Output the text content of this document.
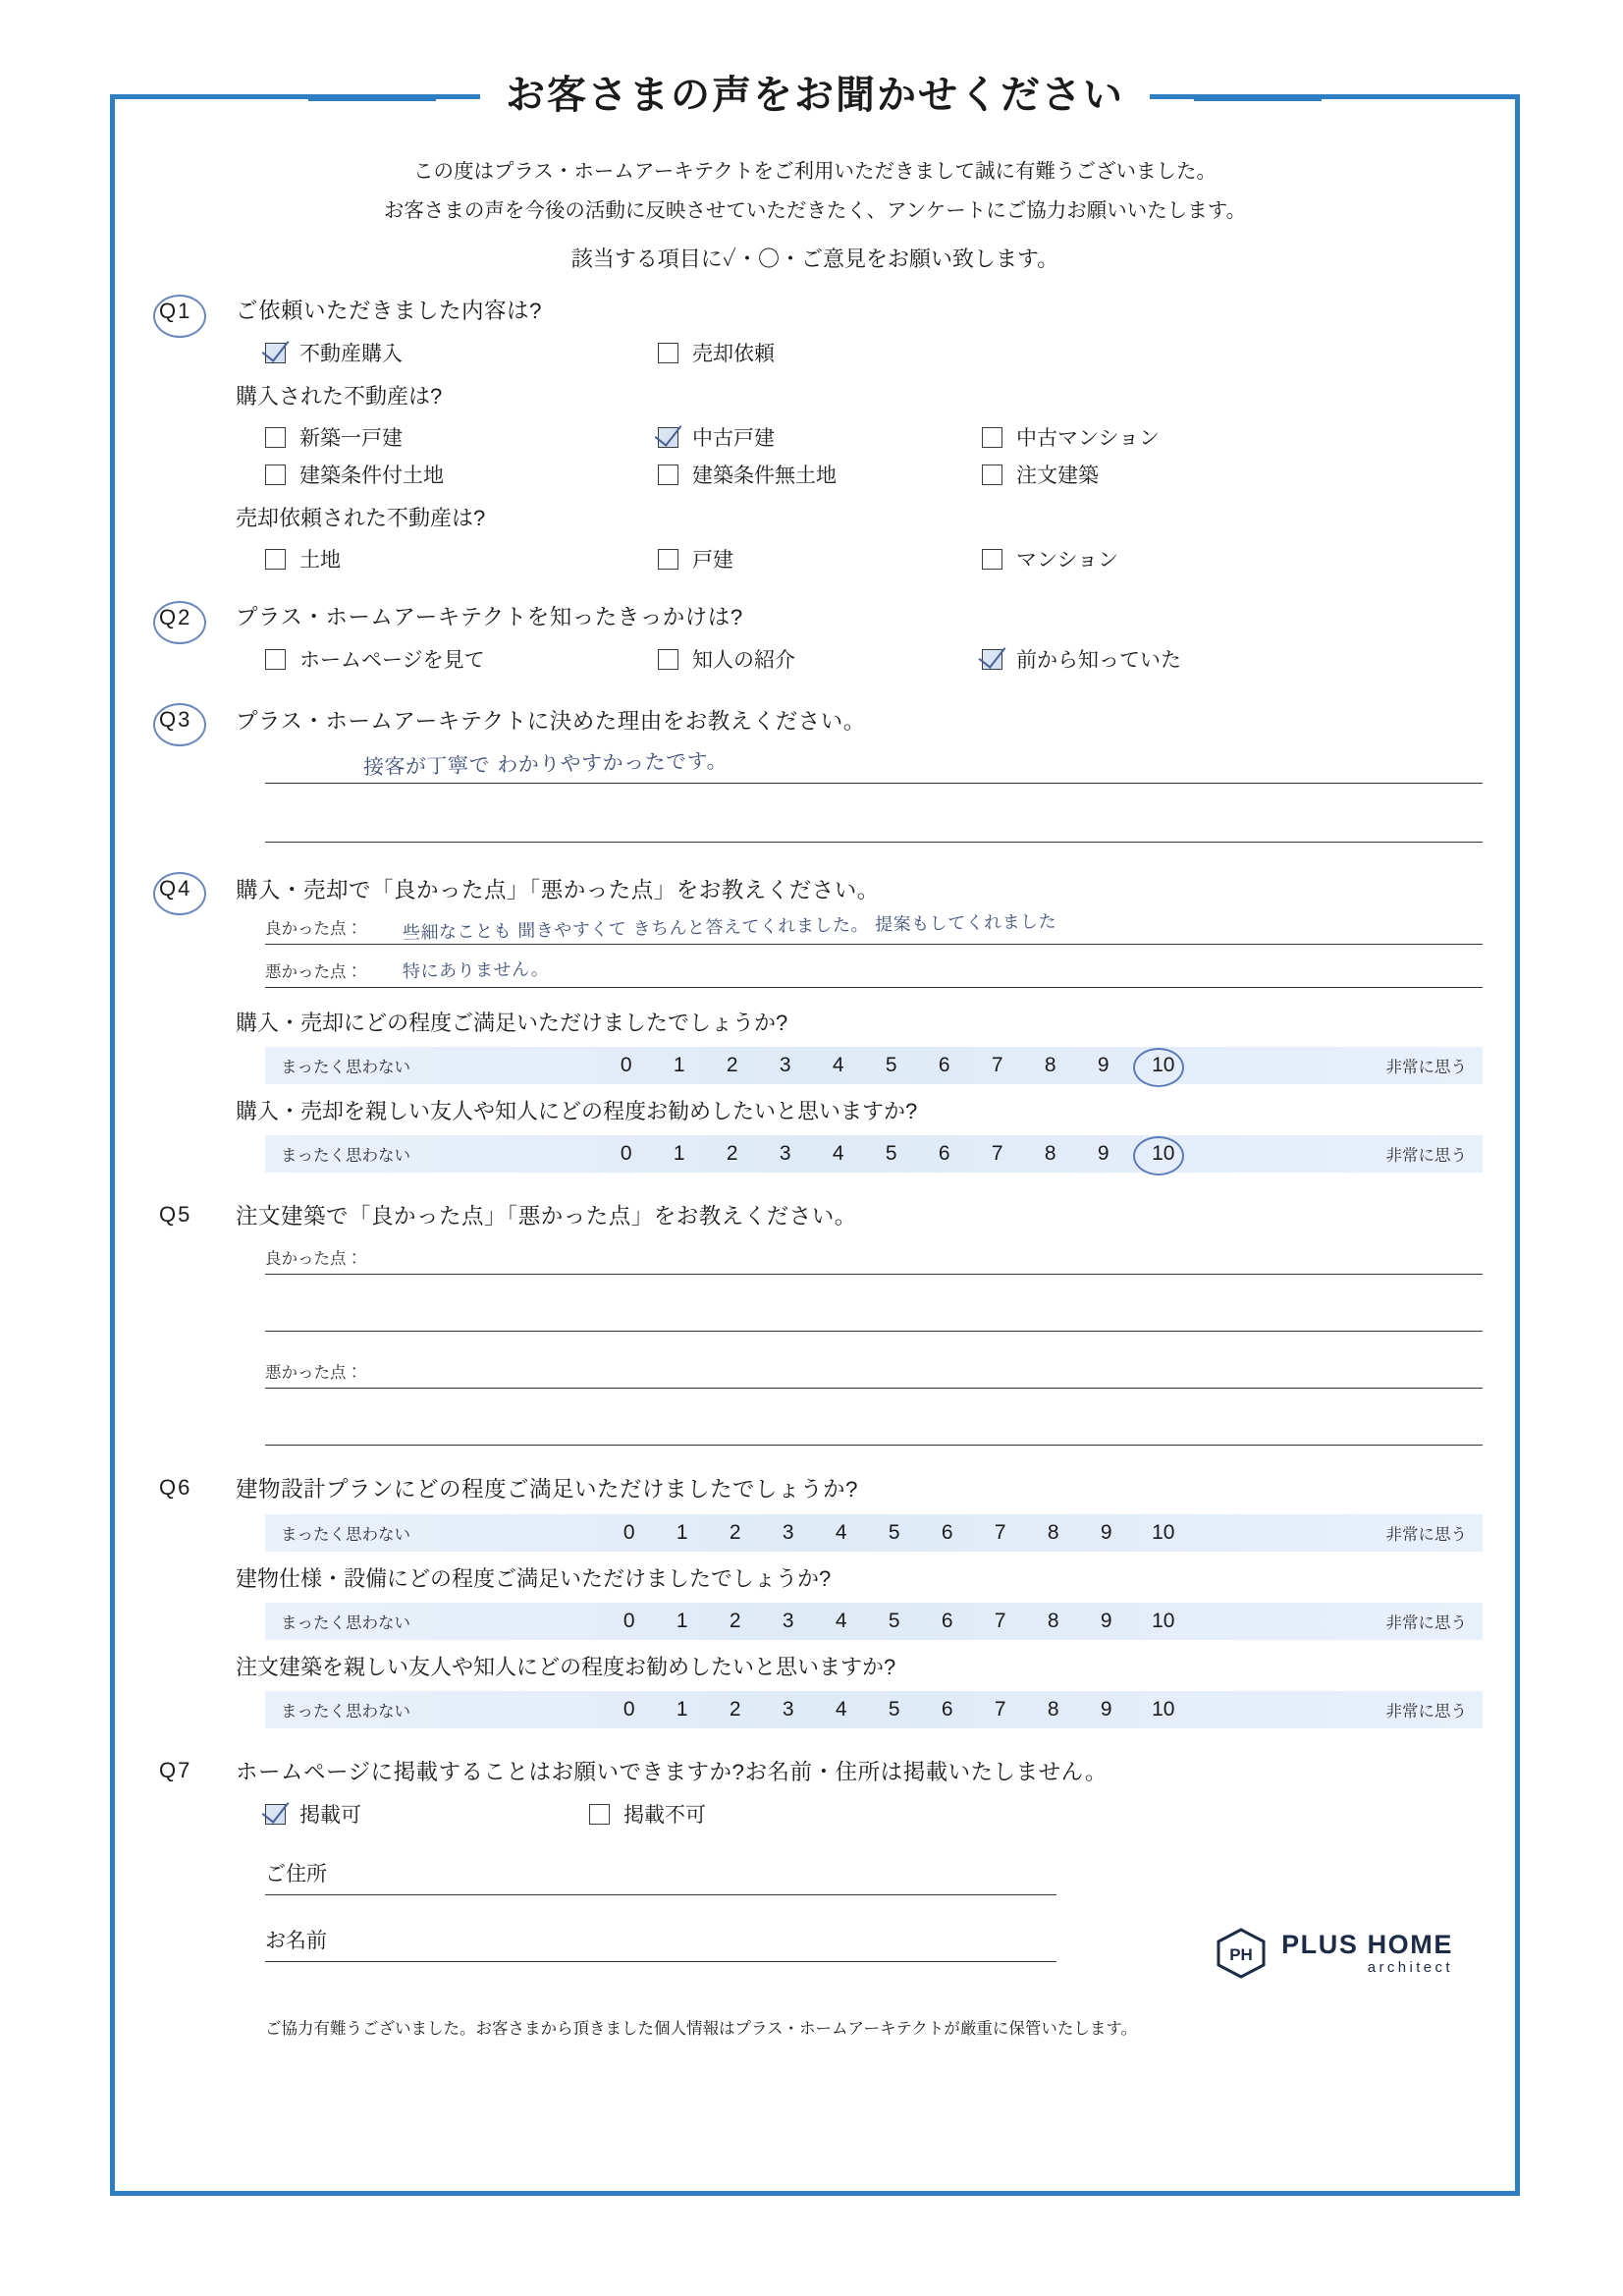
お客さまの声をお聞かせください
この度はプラス・ホームアーキテクトをご利用いただきまして誠に有難うございました。
お客さまの声を今後の活動に反映させていただきたく、アンケートにご協力お願いいたします。
該当する項目に✓・〇・ご意見をお願い致します。
Q1	ご依頼いただきました内容は?
不動産購入	売却依頼
購入された不動産は?
新築一戸建	中古戸建	中古マンション
建築条件付土地	建築条件無土地	注文建築
売却依頼された不動産は?
土地	戸建	マンション
Q2	プラス・ホームアーキテクトを知ったきっかけは?
ホームページを見て	知人の紹介	前から知っていた
Q3	プラス・ホームアーキテクトに決めた理由をお教えください。
接客が丁寧で わかりやすかったです。
Q4	購入・売却で「良かった点」「悪かった点」をお教えください。
良かった点： 些細なことも 聞きやすくて きちんと答えてくれました。 提案もしてくれました
悪かった点： 特にありません。
購入・売却にどの程度ご満足いただけましたでしょうか?
まったく思わない	0	1	2	3	4	5	6	7	8	9	10	非常に思う
購入・売却を親しい友人や知人にどの程度お勧めしたいと思いますか?
まったく思わない	0	1	2	3	4	5	6	7	8	9	10	非常に思う
Q5	注文建築で「良かった点」「悪かった点」をお教えください。
良かった点：
悪かった点：
Q6	建物設計プランにどの程度ご満足いただけましたでしょうか?
まったく思わない	0	1	2	3	4	5	6	7	8	9	10	非常に思う
建物仕様・設備にどの程度ご満足いただけましたでしょうか?
まったく思わない	0	1	2	3	4	5	6	7	8	9	10	非常に思う
注文建築を親しい友人や知人にどの程度お勧めしたいと思いますか?
まったく思わない	0	1	2	3	4	5	6	7	8	9	10	非常に思う
Q7	ホームページに掲載することはお願いできますか?お名前・住所は掲載いたしません。
掲載可	掲載不可
ご住所
お名前
PH PLUS HOME
architect
ご協力有難うございました。お客さまから頂きました個人情報はプラス・ホームアーキテクトが厳重に保管いたします。
